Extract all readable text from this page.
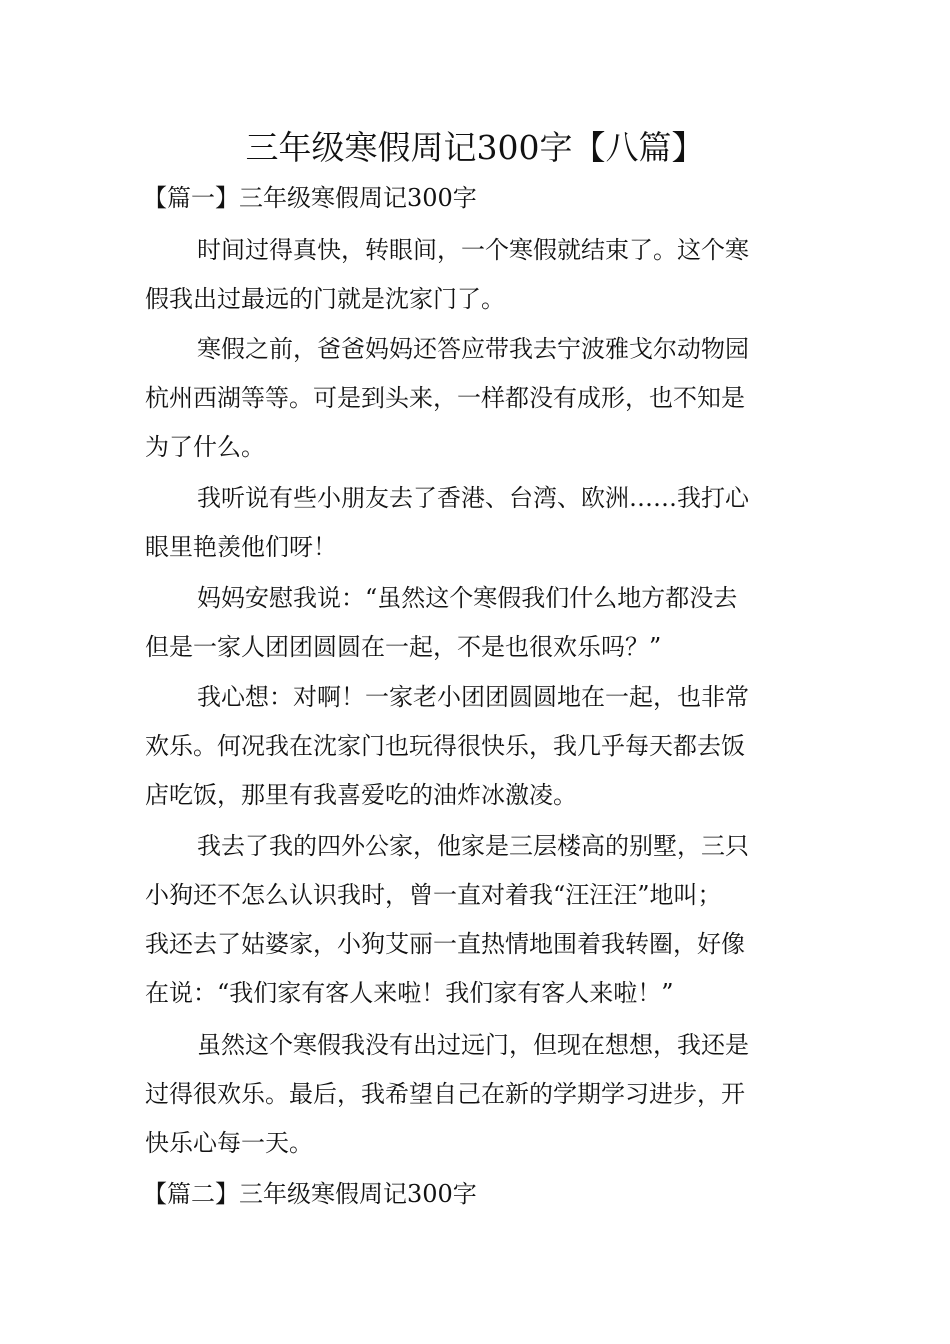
三年级寒假周记300字【八篇】
【篇一】三年级寒假周记300字
时间过得真快，转眼间，一个寒假就结束了。这个寒
假我出过最远的门就是沈家门了。
寒假之前，爸爸妈妈还答应带我去宁波雅戈尔动物园
杭州西湖等等。可是到头来，一样都没有成形，也不知是
为了什么。
我听说有些小朋友去了香港、台湾、欧洲……我打心
眼里艳羡他们呀！
妈妈安慰我说：“虽然这个寒假我们什么地方都没去
但是一家人团团圆圆在一起，不是也很欢乐吗？”
我心想：对啊！一家老小团团圆圆地在一起，也非常
欢乐。何况我在沈家门也玩得很快乐，我几乎每天都去饭
店吃饭，那里有我喜爱吃的油炸冰激凌。
我去了我的四外公家，他家是三层楼高的别墅，三只
小狗还不怎么认识我时，曾一直对着我“汪汪汪”地叫；
我还去了姑婆家，小狗艾丽一直热情地围着我转圈，好像
在说：“我们家有客人来啦！我们家有客人来啦！”
虽然这个寒假我没有出过远门，但现在想想，我还是
过得很欢乐。最后，我希望自己在新的学期学习进步，开
快乐心每一天。
【篇二】三年级寒假周记300字
